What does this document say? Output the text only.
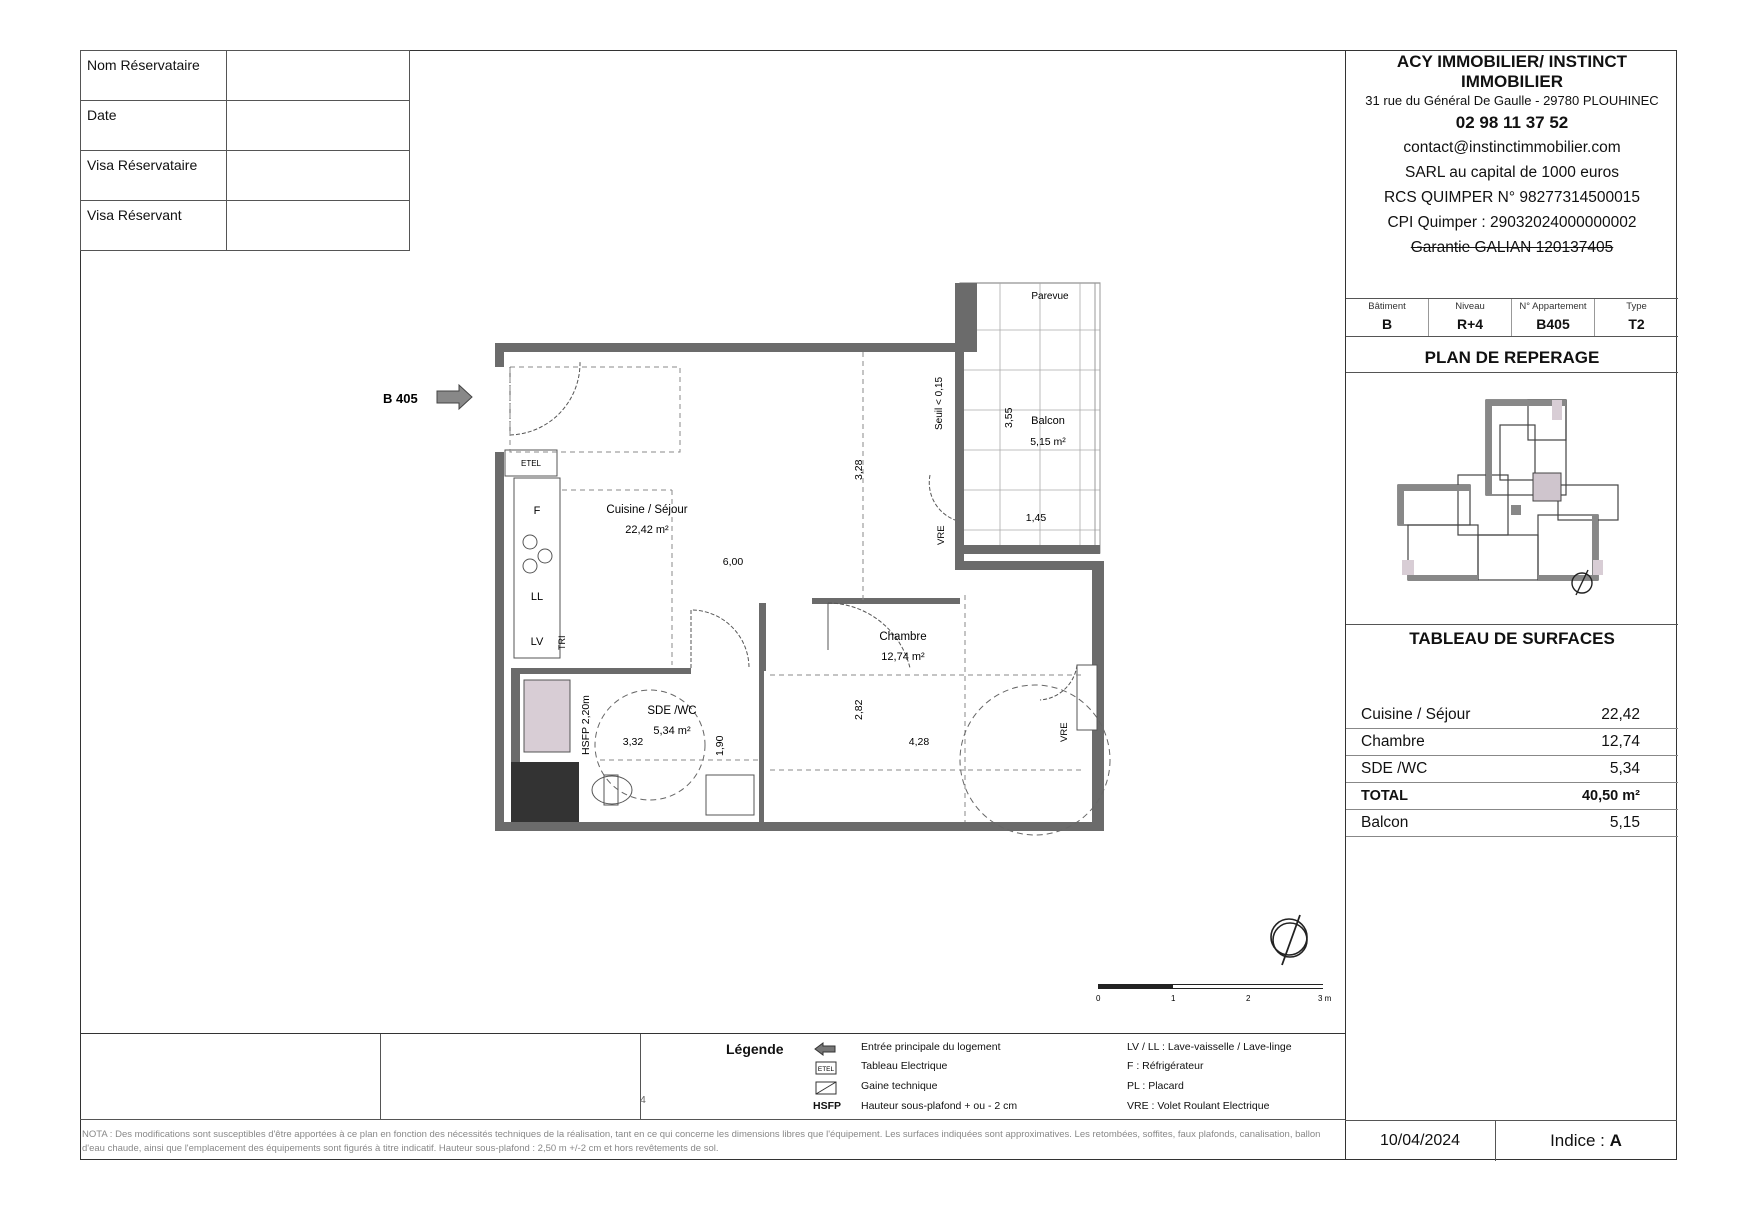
Nom Réservataire	
Date	
Visa Réservataire	
Visa Réservant	
ETEL
F
LL
LV TRI
Cuisine / Séjour
22,42 m²
Chambre
12,74 m²
SDE /WC
5,34 m²
Balcon
5,15 m²
Parevue
6,00
3,28
3,55
1,45
2,82
4,28
3,32	1,90
Seuil < 0,15
VRE
VRE
HSFP 2,20m
B 405
0	1	2	3 m
ACY IMMOBILIER/ INSTINCT IMMOBILIER
31 rue du Général De Gaulle - 29780 PLOUHINEC
02 98 11 37 52
contact@instinctimmobilier.com
SARL au capital de 1000 euros
RCS QUIMPER N° 98277314500015
CPI Quimper : 29032024000000002
Garantie GALIAN 120137405
Bâtiment
B
Niveau
R+4
N° Appartement
B405
Type
T2
PLAN DE REPERAGE
TABLEAU DE SURFACES
Cuisine / Séjour	22,42
Chambre	12,74
SDE /WC	5,34
TOTAL	40,50 m²
Balcon	5,15
4
Légende
ETEL
HSFP
Entrée principale du logement
Tableau Electrique
Gaine technique
Hauteur sous-plafond + ou - 2 cm
LV / LL : Lave-vaisselle / Lave-linge
F : Réfrigérateur
PL : Placard
VRE : Volet Roulant Electrique
NOTA : Des modifications sont susceptibles d'être apportées à ce plan en fonction des nécessités techniques de la réalisation, tant en ce qui concerne les dimensions libres que l'équipement. Les surfaces indiquées sont approximatives. Les retombées, soffites, faux plafonds, canalisation, ballon d'eau chaude, ainsi que l'emplacement des équipements sont figurés à titre indicatif. Hauteur sous-plafond : 2,50 m +/-2 cm et hors revêtements de sol.	10/04/2024	Indice : A
